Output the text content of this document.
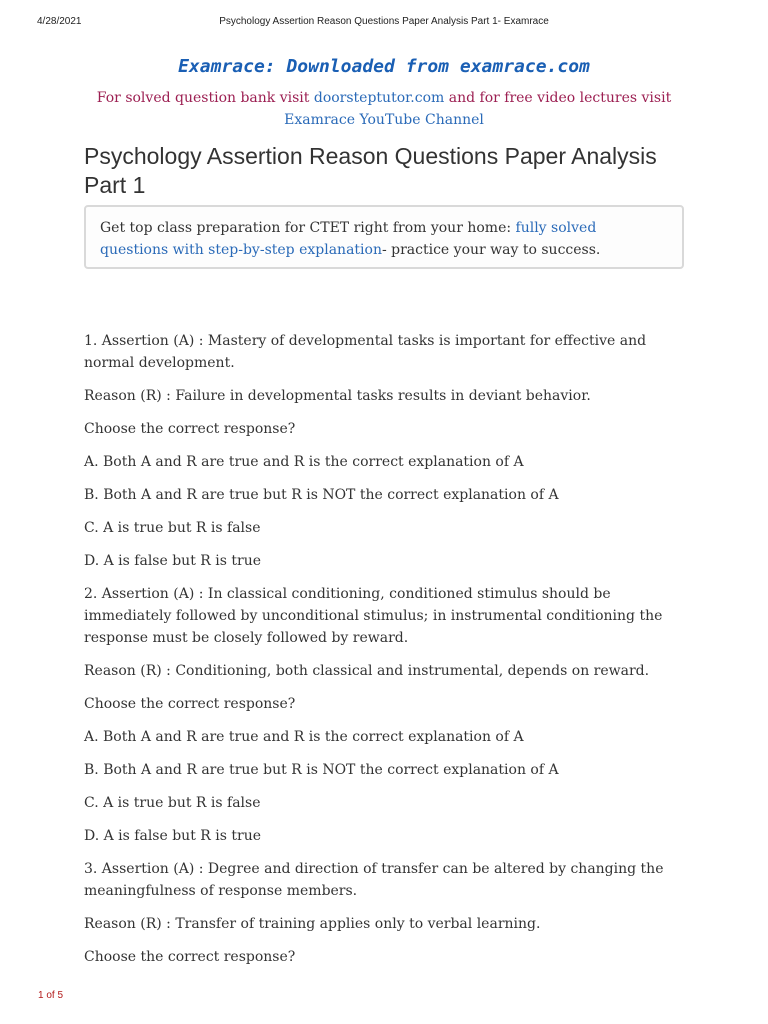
4/28/2021	Psychology Assertion Reason Questions Paper Analysis Part 1- Examrace
Examrace: Downloaded from examrace.com
For solved question bank visit doorsteptutor.com and for free video lectures visit
Examrace YouTube Channel
Psychology Assertion Reason Questions Paper Analysis Part 1
Get top class preparation for CTET right from your home: fully solved questions with step-by-step explanation- practice your way to success.

1. Assertion (A) : Mastery of developmental tasks is important for effective and normal development.

Reason (R) : Failure in developmental tasks results in deviant behavior.

Choose the correct response?

A. Both A and R are true and R is the correct explanation of A

B. Both A and R are true but R is NOT the correct explanation of A

C. A is true but R is false

D. A is false but R is true

2. Assertion (A) : In classical conditioning, conditioned stimulus should be immediately followed by unconditional stimulus; in instrumental conditioning the response must be closely followed by reward.

Reason (R) : Conditioning, both classical and instrumental, depends on reward.

Choose the correct response?

A. Both A and R are true and R is the correct explanation of A

B. Both A and R are true but R is NOT the correct explanation of A

C. A is true but R is false

D. A is false but R is true

3. Assertion (A) : Degree and direction of transfer can be altered by changing the meaningfulness of response members.

Reason (R) : Transfer of training applies only to verbal learning.

Choose the correct response?

1 of 5
